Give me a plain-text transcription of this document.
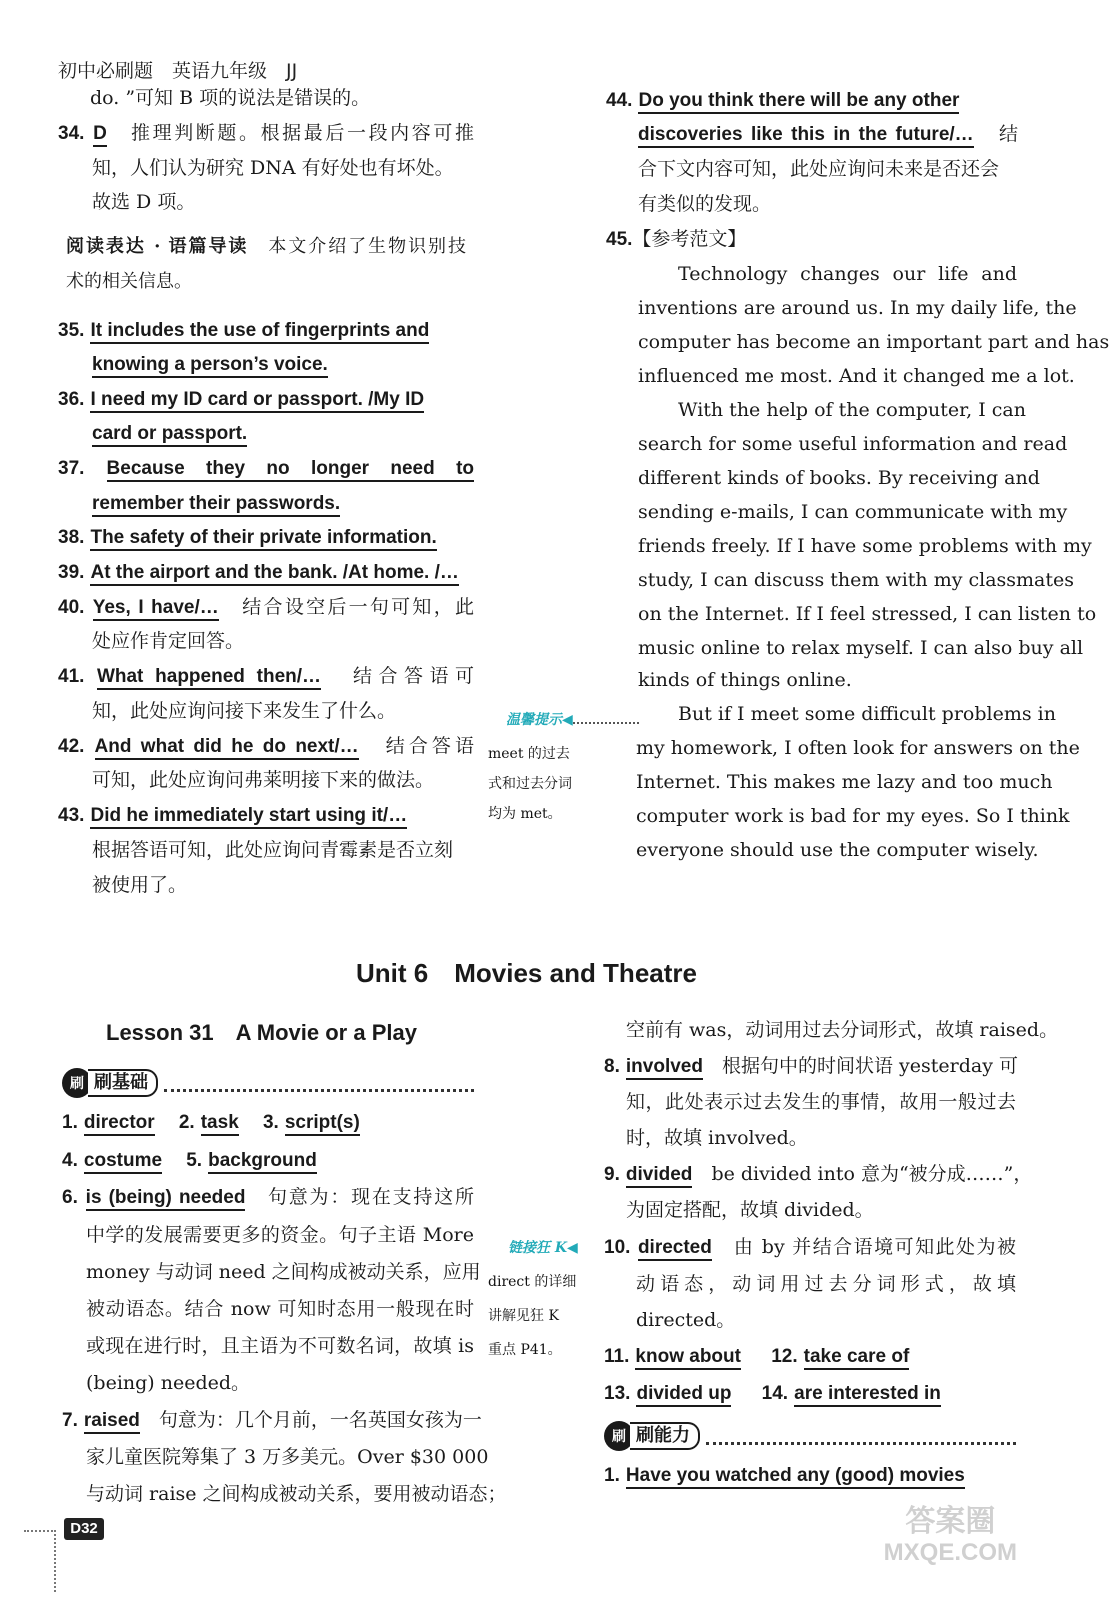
初中必刷题　英语九年级　JJ
do. ”可知 B 项的说法是错误的。
34. D　 推理判断题。根据最后一段内容可推
知，人们认为研究 DNA 有好处也有坏处。
故选 D 项。
阅读表达 · 语篇导读　 本文介绍了生物识别技
术的相关信息。
35. It includes the use of fingerprints and
knowing a person’s voice.
36. I need my ID card or passport. /My ID
card or passport.
37. Because they no longer need to
remember their passwords.
38. The safety of their private information.
39. At the airport and the bank. /At home. /…
40. Yes, I have/…　 结合设空后一句可知，此
处应作肯定回答。
41. What happened then/…　 结合答语可
知，此处应询问接下来发生了什么。
42. And what did he do next/…　 结合答语
可知，此处应询问弗莱明接下来的做法。
43. Did he immediately start using it/…
根据答语可知，此处应询问青霉素是否立刻
被使用了。
44. Do you think there will be any other
discoveries like this in the future/…　 结
合下文内容可知，此处应询问未来是否还会
有类似的发现。
45.【参考范文】
Technology changes our life and
inventions are around us. In my daily life, the
computer has become an important part and has
influenced me most. And it changed me a lot.
With the help of the computer, I can
search for some useful information and read
different kinds of books. By receiving and
sending e-mails, I can communicate with my
friends freely. If I have some problems with my
study, I can discuss them with my classmates
on the Internet. If I feel stressed, I can listen to
music online to relax myself. I can also buy all
kinds of things online.
But if I meet some difficult problems in
my homework, I often look for answers on the
Internet. This makes me lazy and too much
computer work is bad for my eyes. So I think
everyone should use the computer wisely.
温馨提示◀
meet 的过去
式和过去分词
均为 met。
Unit 6　Movies and Theatre
Lesson 31　A Movie or a Play
刷 刷基础
1. director 2. task 3. script(s)
4. costume 5. background
6. is (being) needed　 句意为：现在支持这所
中学的发展需要更多的资金。句子主语 More
money 与动词 need 之间构成被动关系，应用
被动语态。结合 now 可知时态用一般现在时
或现在进行时，且主语为不可数名词，故填 is
(being) needed。
7. raised　 句意为：几个月前，一名英国女孩为一
家儿童医院筹集了 3 万多美元。Over $30 000
与动词 raise 之间构成被动关系，要用被动语态；
链接狂 K◀
direct 的详细
讲解见狂 K
重点 P41。
空前有 was，动词用过去分词形式，故填 raised。
8. involved　 根据句中的时间状语 yesterday 可
知，此处表示过去发生的事情，故用一般过去
时，故填 involved。
9. divided　 be divided into 意为“被分成……”，
为固定搭配，故填 divided。
10. directed　 由 by 并结合语境可知此处为被
动语态，动词用过去分词形式，故填
directed。
11. know about 12. take care of
13. divided up 14. are interested in
刷 刷能力
1. Have you watched any (good) movies
D32	答案圈
MXQE.COM
